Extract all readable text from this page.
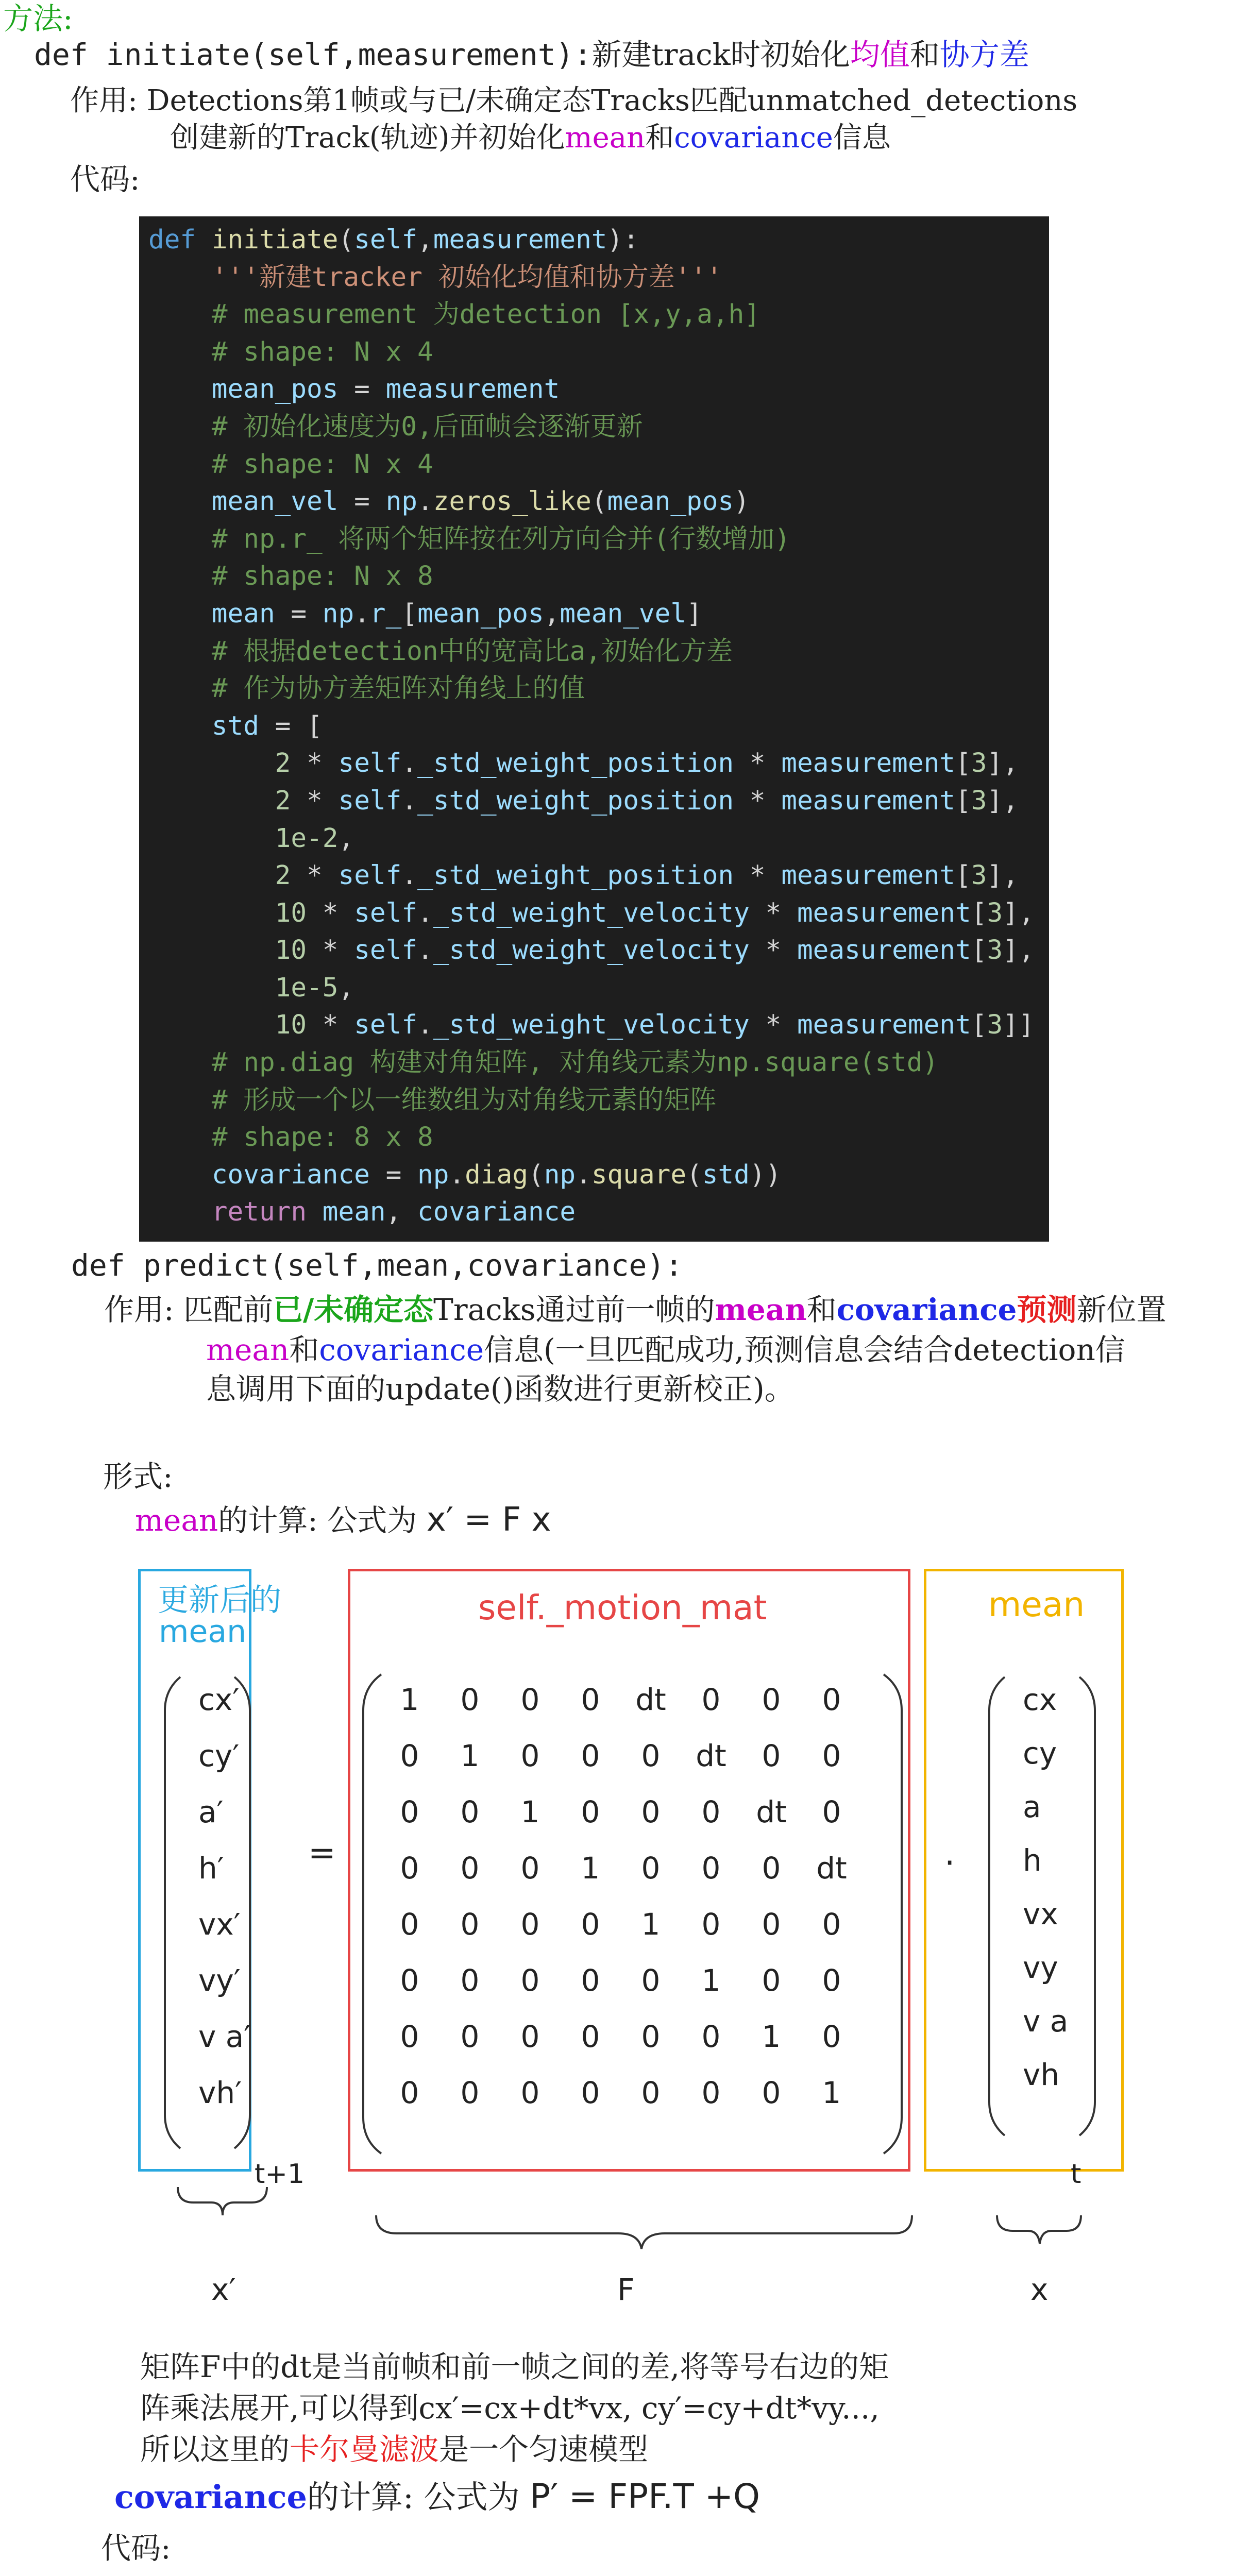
方法:
def initiate(self,measurement):新建track时初始化均值和协方差
作用: Detections第1帧或与已/未确定态Tracks匹配unmatched_detections
创建新的Track(轨迹)并初始化mean和covariance信息
代码:
def initiate(self,measurement):
'''新建tracker 初始化均值和协方差'''
# measurement 为detection [x,y,a,h]
# shape: N x 4
mean_pos = measurement
# 初始化速度为0,后面帧会逐渐更新
# shape: N x 4
mean_vel = np.zeros_like(mean_pos)
# np.r_ 将两个矩阵按在列方向合并(行数增加)
# shape: N x 8
mean = np.r_[mean_pos,mean_vel]
# 根据detection中的宽高比a,初始化方差
# 作为协方差矩阵对角线上的值
std = [
2 * self._std_weight_position * measurement[3],
2 * self._std_weight_position * measurement[3],
1e-2,
2 * self._std_weight_position * measurement[3],
10 * self._std_weight_velocity * measurement[3],
10 * self._std_weight_velocity * measurement[3],
1e-5,
10 * self._std_weight_velocity * measurement[3]]
# np.diag 构建对角矩阵, 对角线元素为np.square(std)
# 形成一个以一维数组为对角线元素的矩阵
# shape: 8 x 8
covariance = np.diag(np.square(std))
return mean, covariance
def predict(self,mean,covariance):
作用: 匹配前已/未确定态Tracks通过前一帧的mean和covariance预测新位置
mean和covariance信息(一旦匹配成功,预测信息会结合detection信
息调用下面的update()函数进行更新校正)。
形式:
mean的计算: 公式为 x′ = F x
更新后的
mean
self._motion_mat	mean
cx′
cy′
a′
h′
vx′
vy′
v a′
vh′
1	0	0	0	dt	0	0	0
0	1	0	0	0	dt	0	0
0	0	1	0	0	0	dt	0
0	0	0	1	0	0	0	dt
0	0	0	0	1	0	0	0
0	0	0	0	0	1	0	0
0	0	0	0	0	0	1	0
0	0	0	0	0	0	0	1
cx
cy
a
h
vx
vy
v a
vh
=	·
t+1	t
x′	F	x
矩阵F中的dt是当前帧和前一帧之间的差,将等号右边的矩
阵乘法展开,可以得到cx′=cx+dt*vx, cy′=cy+dt*vy...,
所以这里的卡尔曼滤波是一个匀速模型
covariance的计算: 公式为 P′ = FPF.T +Q
代码:
